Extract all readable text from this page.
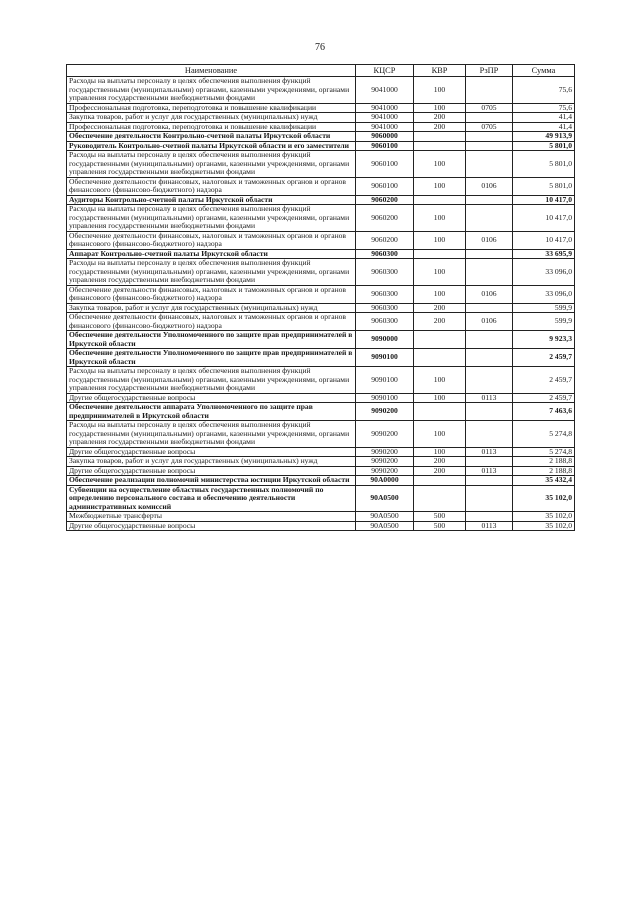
76
Наименование	КЦСР	КВР	РзПР	Сумма
Расходы на выплаты персоналу в целях обеспечения выполнения функций государственными (муниципальными) органами, казенными учреждениями, органами управления государственными внебюджетными фондами	9041000	100		75,6
Профессиональная подготовка, переподготовка и повышение квалификации	9041000	100	0705	75,6
Закупка товаров, работ и услуг для государственных (муниципальных) нужд	9041000	200		41,4
Профессиональная подготовка, переподготовка и повышение квалификации	9041000	200	0705	41,4
Обеспечение деятельности Контрольно-счетной палаты Иркутской области	9060000			49 913,9
Руководитель Контрольно-счетной палаты Иркутской области и его заместители	9060100			5 801,0
Расходы на выплаты персоналу в целях обеспечения выполнения функций государственными (муниципальными) органами, казенными учреждениями, органами управления государственными внебюджетными фондами	9060100	100		5 801,0
Обеспечение деятельности финансовых, налоговых и таможенных органов и органов финансового (финансово-бюджетного) надзора	9060100	100	0106	5 801,0
Аудиторы Контрольно-счетной палаты Иркутской области	9060200			10 417,0
Расходы на выплаты персоналу в целях обеспечения выполнения функций государственными (муниципальными) органами, казенными учреждениями, органами управления государственными внебюджетными фондами	9060200	100		10 417,0
Обеспечение деятельности финансовых, налоговых и таможенных органов и органов финансового (финансово-бюджетного) надзора	9060200	100	0106	10 417,0
Аппарат Контрольно-счетной палаты Иркутской области	9060300			33 695,9
Расходы на выплаты персоналу в целях обеспечения выполнения функций государственными (муниципальными) органами, казенными учреждениями, органами управления государственными внебюджетными фондами	9060300	100		33 096,0
Обеспечение деятельности финансовых, налоговых и таможенных органов и органов финансового (финансово-бюджетного) надзора	9060300	100	0106	33 096,0
Закупка товаров, работ и услуг для государственных (муниципальных) нужд	9060300	200		599,9
Обеспечение деятельности финансовых, налоговых и таможенных органов и органов финансового (финансово-бюджетного) надзора	9060300	200	0106	599,9
Обеспечение деятельности Уполномоченного по защите прав предпринимателей в Иркутской области	9090000			9 923,3
Обеспечение деятельности Уполномоченного по защите прав предпринимателей в Иркутской области	9090100			2 459,7
Расходы на выплаты персоналу в целях обеспечения выполнения функций государственными (муниципальными) органами, казенными учреждениями, органами управления государственными внебюджетными фондами	9090100	100		2 459,7
Другие общегосударственные вопросы	9090100	100	0113	2 459,7
Обеспечение деятельности аппарата Уполномоченного по защите прав предпринимателей в Иркутской области	9090200			7 463,6
Расходы на выплаты персоналу в целях обеспечения выполнения функций государственными (муниципальными) органами, казенными учреждениями, органами управления государственными внебюджетными фондами	9090200	100		5 274,8
Другие общегосударственные вопросы	9090200	100	0113	5 274,8
Закупка товаров, работ и услуг для государственных (муниципальных) нужд	9090200	200		2 188,8
Другие общегосударственные вопросы	9090200	200	0113	2 188,8
Обеспечение реализации полномочий министерства юстиции Иркутской области	90А0000			35 432,4
Субвенции на осуществление областных государственных полномочий по определению персонального состава и обеспечению деятельности административных комиссий	90А0500			35 102,0
Межбюджетные трансферты	90А0500	500		35 102,0
Другие общегосударственные вопросы	90А0500	500	0113	35 102,0
